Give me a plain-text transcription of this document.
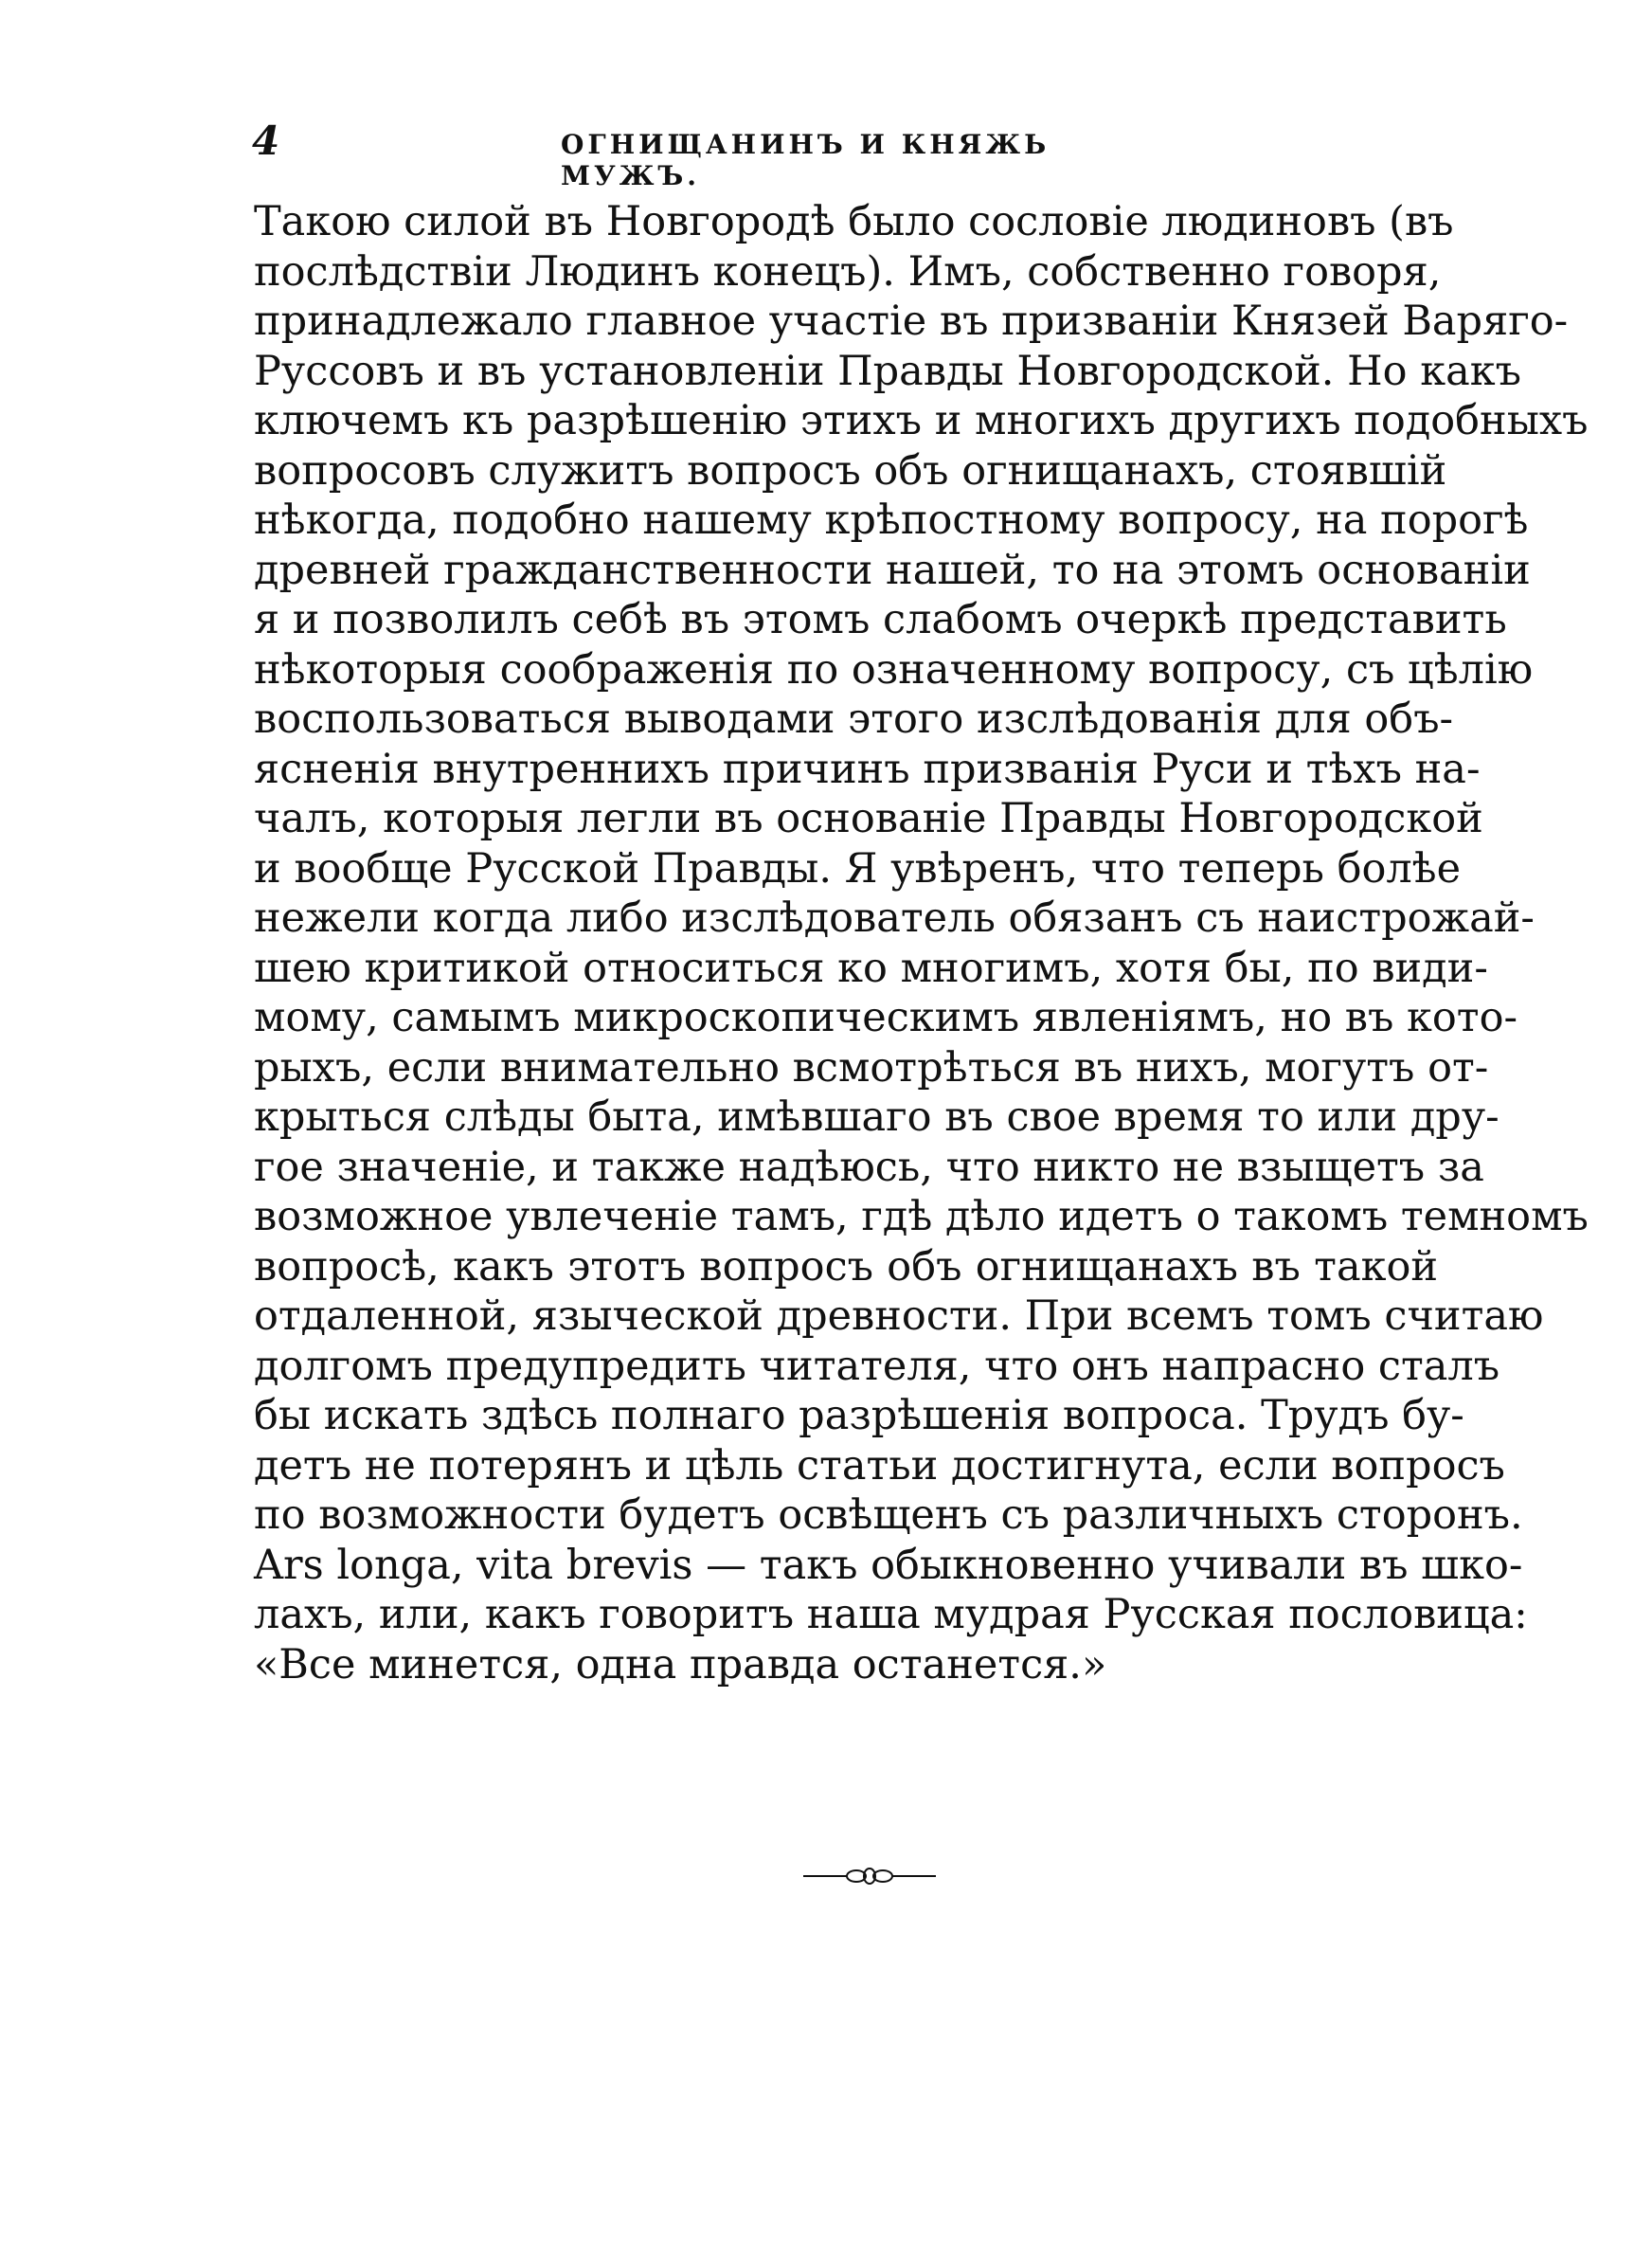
4	ОГНИЩАНИНЪ И КНЯЖЬ МУЖЪ.
Такою силой въ Новгородѣ было сословіе людиновъ (въ
послѣдствіи Людинъ конецъ). Имъ, собственно говоря,
принадлежало главное участіе въ призваніи Князей Варяго-
Руссовъ и въ установленіи Правды Новгородской. Но какъ
ключемъ къ разрѣшенію этихъ и многихъ другихъ подобныхъ
вопросовъ служитъ вопросъ объ огнищанахъ, стоявшій
нѣкогда, подобно нашему крѣпостному вопросу, на порогѣ
древней гражданственности нашей, то на этомъ основаніи
я и позволилъ себѣ въ этомъ слабомъ очеркѣ представить
нѣкоторыя соображенія по означенному вопросу, съ цѣлію
воспользоваться выводами этого изслѣдованія для объ-
ясненія внутреннихъ причинъ призванія Руси и тѣхъ на-
чалъ, которыя легли въ основаніе Правды Новгородской
и вообще Русской Правды. Я увѣренъ, что теперь болѣе
нежели когда либо изслѣдователь обязанъ съ наистрожай-
шею критикой относиться ко многимъ, хотя бы, по види-
мому, самымъ микроскопическимъ явленіямъ, но въ кото-
рыхъ, если внимательно всмотрѣться въ нихъ, могутъ от-
крыться слѣды быта, имѣвшаго въ свое время то или дру-
гое значеніе, и также надѣюсь, что никто не взыщетъ за
возможное увлеченіе тамъ, гдѣ дѣло идетъ о такомъ темномъ
вопросѣ, какъ этотъ вопросъ объ огнищанахъ въ такой
отдаленной, языческой древности. При всемъ томъ считаю
долгомъ предупредить читателя, что онъ напрасно сталъ
бы искать здѣсь полнаго разрѣшенія вопроса. Трудъ бу-
детъ не потерянъ и цѣль статьи достигнута, если вопросъ
по возможности будетъ освѣщенъ съ различныхъ сторонъ.
Ars longa, vita brevis — такъ обыкновенно учивали въ шко-
лахъ, или, какъ говоритъ наша мудрая Русская пословица:
«Все минется, одна правда останется.»
